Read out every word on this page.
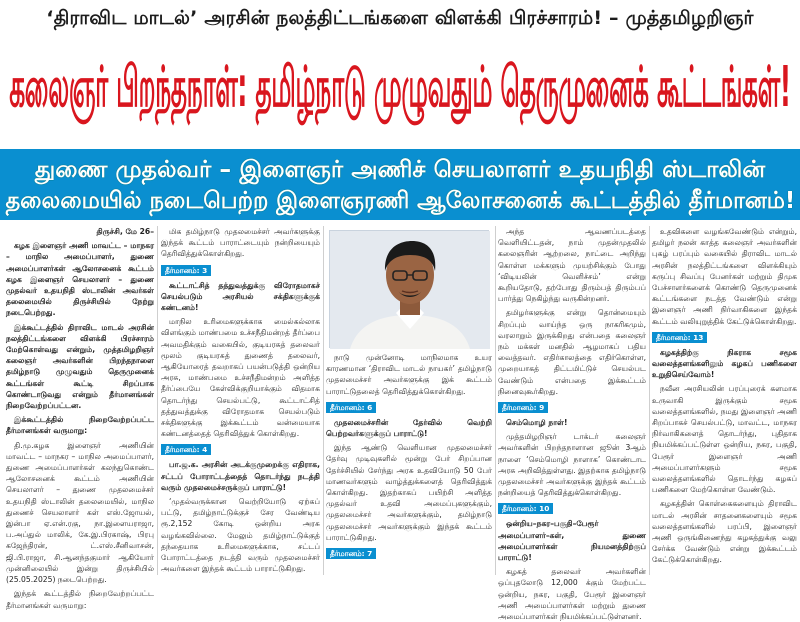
‘திராவிட மாடல்’ அரசின் நலத்திட்டங்களை விளக்கி பிரச்சாரம்! – முத்தமிழறிஞர்
கலைஞர் பிறந்தநாள்: தமிழ்நாடு முழுவதும் தெருமுனைக் கூட்டங்கள்!
துணை முதல்வர் – இளைஞர் அணிச் செயலாளர் உதயநிதி ஸ்டாலின்
தலைமையில் நடைபெற்ற இளைஞரணி ஆலோசனைக் கூட்டத்தில் தீர்மானம்!

திருச்சி, மே 26–

கழக இளைஞர் அணி மாவட்ட – மாநகர – மாநில அமைப்பாளர், துணை அமைப்பாளர்கள் ஆலோசனைக் கூட்டம் கழக இளைஞர் செயலாளர் – துணை முதல்வர் உதயநிதி ஸ்டாலின் அவர்கள் தலைமையில் திருச்சியில் நேற்று நடைபெற்றது.

இக்கூட்டத்தில் திராவிட மாடல் அரசின் நலத்திட்டங்களை விளக்கி பிரச்சாரம் மேற்கொள்வது என்றும், முத்தமிழறிஞர் கலைஞர் அவர்களின் பிறந்தநாளை தமிழ்நாடு முழுவதும் தெருமுனைக் கூட்டங்கள் கூட்டி சிறப்பாக கொண்டாடுவது என்றும் தீர்மானங்கள் நிறைவேற்றப்பட்டன.

இக்கூட்டத்தில் நிறைவேற்றப்பட்ட தீர்மானங்கள் வருமாறு:

தி.மு.கழக இளைஞர் அணியின் மாவட்ட – மாநகர – மாநில அமைப்பாளர், துணை அமைப்பாளர்கள் கலந்துகொண்ட ஆலோசனைக் கூட்டம் அணியின் செயலாளர் – துணை முதலமைச்சர் உதயநிதி ஸ்டாலின் தலைமையில், மாநில துணைச் செயலாளர் கள் எஸ்.ஜோயல், இன்பா ஏ.என்.ரகு, நா.இளையராஜா, ப.அப்துல் மாலிக், கே.இ.பிரகாஷ், பிரபு கஜேந்திரன், ட்.எஸ்.சீனிவாசன், ஜி.பி.ராஜா, சி.ஆனந்தகுமார் ஆகியோர் முன்னிலையில் இன்று திருச்சியில் (25.05.2025) நடைபெற்றது.

இந்தக் கூட்டத்தில் நிறைவேற்றப்பட்ட தீர்மானங்கள் வருமாறு:

மிக தமிழ்நாடு முதலமைச்சர் அவர்களுக்கு இந்தக் கூட்டம் பாராட்டையும் நன்றியையும் தெரிவித்துக்கொள்கிறது.

தீர்மானம்: 3

கூட்டாட்சித் தத்துவத்துக்கு விரோதமாகச் செயல்படும் அரசியல் சக்திகளுக்குக் கண்டனம்!

மாநில உரிமைகளுக்காக மைல்கல்லாக விளங்கும் மாண்பமை உச்சநீதிமன்றத் தீர்ப்பை அவமதிக்கும் வகையில், குடியரசுத் தலைவர் மூலம் குடியரசுத் துணைத் தலைவர், ஆகியோரைத் தவறாகப் பயன்படுத்தி ஒன்றிய அரசு, மாண்பமை உச்சநீதிமன்றம் அளித்த தீர்ப்பையே கேள்விக்குறியாக்கும் விதமாக தொடர்ந்து செயல்பட்டு, கூட்டாட்சித் தத்துவத்துக்கு விரோதமாக செயல்படும் சக்திகளுக்கு இக்கூட்டம் வன்மையாக கண்டனத்தைத் தெரிவித்துக் கொள்கிறது.

தீர்மானம்: 4

பா.ஜ.க. அரசின் அடக்குமுறைக்கு எதிராக, சட்டப் போராட்டத்தைத் தொடர்ந்து நடத்தி வரும் முதலமைச்சருக்குப் பாராட்டு!

‘முதல்வருக்கான வெற்றியோடு ஏற்கப் பட்டு, தமிழ்நாட்டுக்குச் சேர வேண்டிய ரூ.2,152 கோடி ஒன்றிய அரசு வழங்கவில்லை. மேலும் தமிழ்நாட்டுக்குத் தந்தையாக உரிமைகளுக்காக, சட்டப் போராட்டத்தை நடத்தி வரும் முதலமைச்சர் அவர்களை இந்தக் கூட்டம் பாராட்டுகிறது.

நாடு முன்னோடி மாநிலமாக உயர காரணமான ‘திராவிட மாடல் நாயகர்’ தமிழ்நாடு முதலமைச்சர் அவர்களுக்கு இக் கூட்டம் பாராட்டுதலைத் தெரிவித்துக்கொள்கிறது.

தீர்மானம்: 6

முதலமைச்சரின் தேர்வில் வெற்றி பெற்றவர்களுக்குப் பாராட்டு!

இந்த ஆண்டு வெளியான முதலமைச்சர் தேர்வு முடிவுகளில் மூன்று பேர் சிறப்பான தேர்ச்சியில் சேர்ந்து அரசு உதவியோடு 50 பேர் மாணவர்களும் வாழ்த்துக்களைத் தெரிவித்துக் கொள்கிறது. இதற்காகப் பயிற்சி அளித்த முதல்வர் உதவி அமைப்புகளுக்கும், முதலமைச்சர் அவர்களுக்கும், தமிழ்நாடு முதலமைச்சர் அவர்களுக்கும் இந்தக் கூட்டம் பாராட்டுகிறது.

தீர்மானம்: 7

அந்த ஆவணப்படத்தை வெளியிட்டதன், நாம் முதன்முதலில் கலைஞரின் ஆற்றலை, நாட்டை அறிந்து கொள்ள மக்களும் முயற்சிக்கும் போது ‘விடியலின் வெளிச்சம்’ என்று கூறியதோடு, தற்போது திரும்பத் திரும்பப் பார்த்து நெகிழ்ந்து வருகின்றனர்.

தமிழர்களுக்கு என்று தொன்மையும் சிறப்பும் வாய்ந்த ஒரு நாகரிகமும், வரலாறும் இருக்கிறது என்பதை கலைஞர் நம் மக்கள் மனதில் ஆழமாகப் பதிய வைத்தவர். எதிர்காலத்தை எதிர்கொள்ள, முறையாகத் திட்டமிட்டுச் செயல்பட வேண்டும் என்பதை இக்கூட்டம் நினைவுகூர்கிறது.

தீர்மானம்: 9

செம்மொழி நாள்!

முத்தமிழறிஞர் டாக்டர் கலைஞர் அவர்களின் பிறந்தநாளான ஜூன் 3ஆம் நாளை ‘செம்மொழி நாளாக’ கொண்டாட அரசு அறிவித்துள்ளது. இதற்காக தமிழ்நாடு முதலமைச்சர் அவர்களுக்கு இந்தக் கூட்டம் நன்றியைத் தெரிவித்துக்கொள்கிறது.

தீர்மானம்: 10

ஒன்றிய–நகர–பகுதி–பேரூர் அமைப்பாளர்–கள், துணை அமைப்பாளர்கள் நியமனத்திற்குப் பாராட்டு!

கழகத் தலைவர் அவர்களின் ஒப்புதலோடு 12,000 க்கும் மேற்பட்ட ஒன்றிய, நகர, பகுதி, பேரூர் இளைஞர் அணி அமைப்பாளர்கள் மற்றும் துணை அமைப்பாளர்கள் நியமிக்கப்பட்டுள்ளனர்.

உதவிகளை வழங்கவேண்டும் என்றும், தமிழர் நலன் காத்த கலைஞர் அவர்களின் புகழ் பரப்பும் வகையில் திராவிட மாடல் அரசின் நலத்திட்டங்களை விளக்கியும் கருப்பு சிவப்பு பேனர்கள் மற்றும் திமுக பேச்சாளர்களைக் கொண்டு தெருமுனைக் கூட்டங்களை நடத்த வேண்டும் என்று இளைஞர் அணி நிர்வாகிகளை இந்தக் கூட்டம் வலியுறுத்திக் கேட்டுக்கொள்கிறது.

தீர்மானம்: 13

கழகத்திற்கு நிகராக சமூக வலைத்தளங்களிலும் கழகப் பணிகளை உறுதிசெய்வோம்!

நவீன அரசியலின் பரப்புரைக் களமாக உருவாகி இருக்கும் சமூக வலைத்தளங்களில், நமது இளைஞர் அணி சிறப்பாகச் செயல்பட்டு, மாவட்ட, மாநகர நிர்வாகிகளைத் தொடர்ந்து, புதிதாக நியமிக்கப்பட்டுள்ள ஒன்றிய, நகர, பகுதி, பேரூர் இளைஞர் அணி அமைப்பாளர்களும் சமூக வலைத்தளங்களில் தொடர்ந்து கழகப் பணிகளை மேற்கொள்ள வேண்டும்.

கழகத்தின் கொள்கைகளையும் திராவிட மாடல் அரசின் சாதனைகளையும் சமூக வலைத்தளங்களில் பரப்பி, இளைஞர் அணி ஒருங்கிணைந்து கழகத்துக்கு வலு சேர்க்க வேண்டும் என்று இக்கூட்டம் கேட்டுக்கொள்கிறது.
